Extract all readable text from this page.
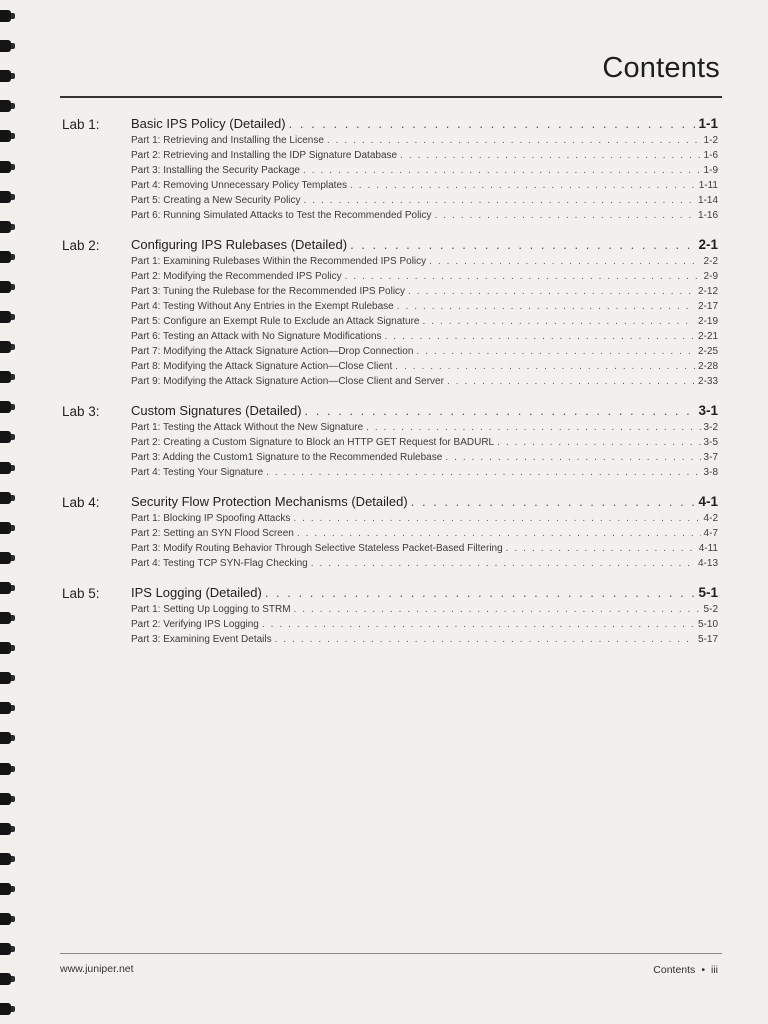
Contents
Lab 1:	Basic IPS Policy (Detailed) . . .	1-1
Part 1: Retrieving and Installing the License . . .	1-2
Part 2: Retrieving and Installing the IDP Signature Database . . .	1-6
Part 3: Installing the Security Package . . .	1-9
Part 4: Removing Unnecessary Policy Templates . . .	1-11
Part 5: Creating a New Security Policy . . .	1-14
Part 6: Running Simulated Attacks to Test the Recommended Policy . . .	1-16
Lab 2:	Configuring IPS Rulebases (Detailed) . . .	2-1
Part 1: Examining Rulebases Within the Recommended IPS Policy . . .	2-2
Part 2: Modifying the Recommended IPS Policy . . .	2-9
Part 3: Tuning the Rulebase for the Recommended IPS Policy . . .	2-12
Part 4: Testing Without Any Entries in the Exempt Rulebase . . .	2-17
Part 5: Configure an Exempt Rule to Exclude an Attack Signature . . .	2-19
Part 6: Testing an Attack with No Signature Modifications . . .	2-21
Part 7: Modifying the Attack Signature Action—Drop Connection . . .	2-25
Part 8: Modifying the Attack Signature Action—Close Client . . .	2-28
Part 9: Modifying the Attack Signature Action—Close Client and Server . . .	2-33
Lab 3:	Custom Signatures (Detailed) . . .	3-1
Part 1: Testing the Attack Without the New Signature . . .	3-2
Part 2: Creating a Custom Signature to Block an HTTP GET Request for BADURL . . .	3-5
Part 3: Adding the Custom1 Signature to the Recommended Rulebase . . .	3-7
Part 4: Testing Your Signature . . .	3-8
Lab 4:	Security Flow Protection Mechanisms (Detailed) . . .	4-1
Part 1: Blocking IP Spoofing Attacks . . .	4-2
Part 2: Setting an SYN Flood Screen . . .	4-7
Part 3: Modify Routing Behavior Through Selective Stateless Packet-Based Filtering . . .	4-11
Part 4: Testing TCP SYN-Flag Checking . . .	4-13
Lab 5:	IPS Logging (Detailed) . . .	5-1
Part 1: Setting Up Logging to STRM . . .	5-2
Part 2: Verifying IPS Logging . . .	5-10
Part 3: Examining Event Details . . .	5-17
www.juniper.net	Contents • iii
